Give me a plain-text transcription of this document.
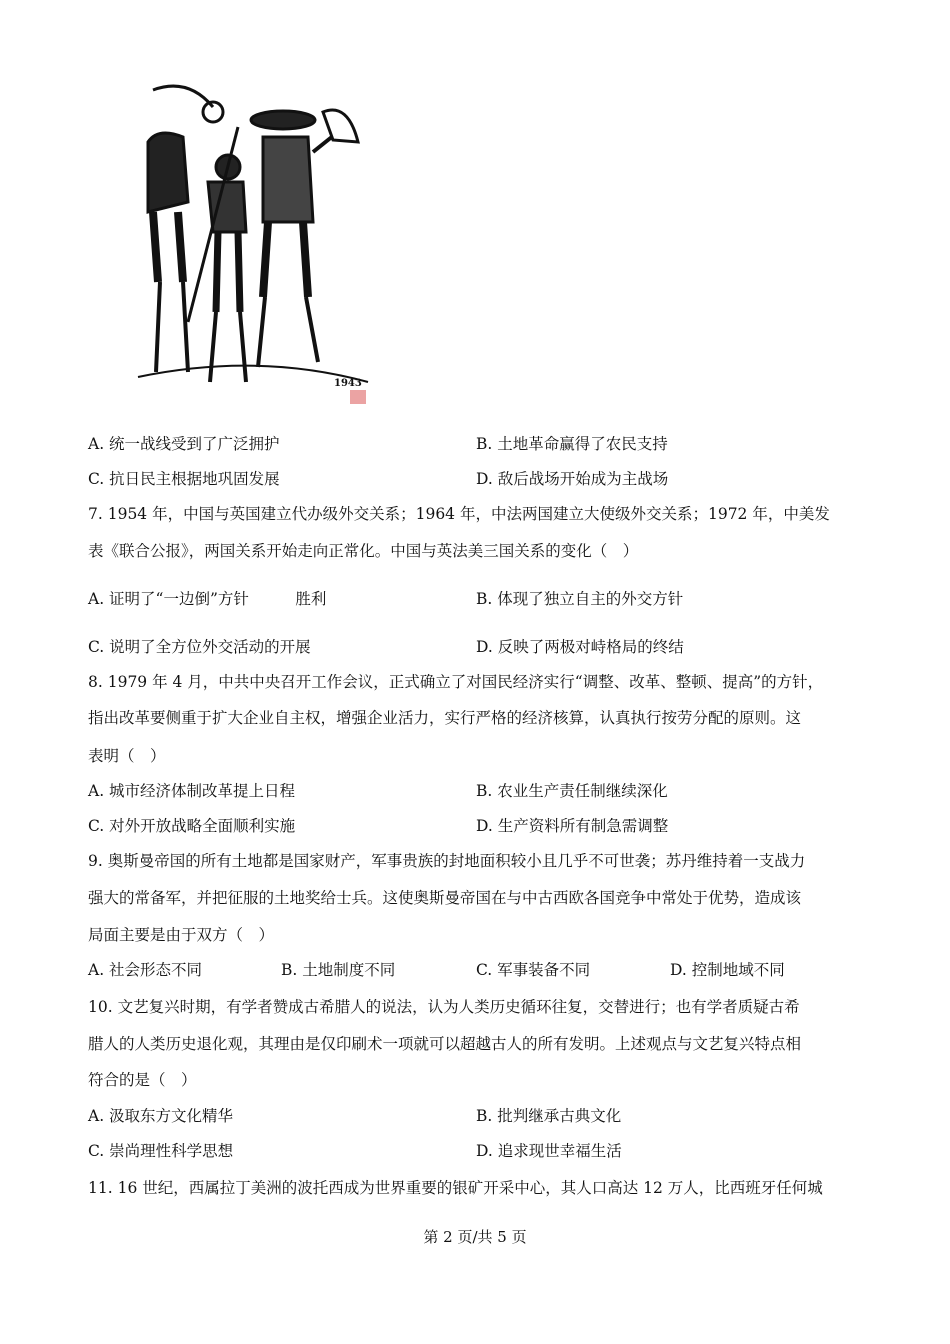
1943
A. 统一战线受到了广泛拥护	B. 土地革命赢得了农民支持
C. 抗日民主根据地巩固发展	D. 敌后战场开始成为主战场
7. 1954 年，中国与英国建立代办级外交关系；1964 年，中法两国建立大使级外交关系；1972 年，中美发
表《联合公报》，两国关系开始走向正常化。中国与英法美三国关系的变化（　）
A. 证明了“一边倒”方针　　　胜利	B. 体现了独立自主的外交方针
C. 说明了全方位外交活动的开展	D. 反映了两极对峙格局的终结
8. 1979 年 4 月，中共中央召开工作会议，正式确立了对国民经济实行“调整、改革、整顿、提高”的方针，
指出改革要侧重于扩大企业自主权，增强企业活力，实行严格的经济核算，认真执行按劳分配的原则。这
表明（　）
A. 城市经济体制改革提上日程	B. 农业生产责任制继续深化
C. 对外开放战略全面顺利实施	D. 生产资料所有制急需调整
9. 奥斯曼帝国的所有土地都是国家财产，军事贵族的封地面积较小且几乎不可世袭；苏丹维持着一支战力
强大的常备军，并把征服的土地奖给士兵。这使奥斯曼帝国在与中古西欧各国竞争中常处于优势，造成该
局面主要是由于双方（　）
A. 社会形态不同	B. 土地制度不同	C. 军事装备不同	D. 控制地域不同
10. 文艺复兴时期，有学者赞成古希腊人的说法，认为人类历史循环往复，交替进行；也有学者质疑古希
腊人的人类历史退化观，其理由是仅印刷术一项就可以超越古人的所有发明。上述观点与文艺复兴特点相
符合的是（　）
A. 汲取东方文化精华	B. 批判继承古典文化
C. 崇尚理性科学思想	D. 追求现世幸福生活
11. 16 世纪，西属拉丁美洲的波托西成为世界重要的银矿开采中心，其人口高达 12 万人，比西班牙任何城
第 2 页/共 5 页
